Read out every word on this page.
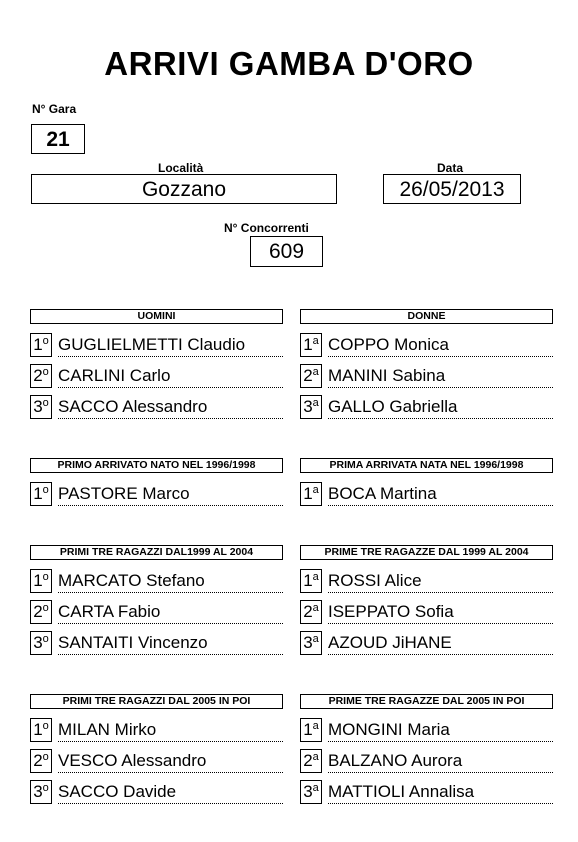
ARRIVI GAMBA D'ORO
N° Gara
21
Località
Gozzano
Data
26/05/2013
N° Concorrenti
609
UOMINI
1$^o$ GUGLIELMETTI Claudio
2$^o$ CARLINI Carlo
3$^o$ SACCO Alessandro
DONNE
1$^a$ COPPO Monica
2$^a$ MANINI Sabina
3$^a$ GALLO Gabriella
PRIMO ARRIVATO NATO NEL 1996/1998
1$^o$ PASTORE Marco
PRIMA ARRIVATA NATA NEL 1996/1998
1$^a$ BOCA Martina
PRIMI TRE RAGAZZI DAL1999 AL 2004
1$^o$ MARCATO Stefano
2$^o$ CARTA Fabio
3$^o$ SANTAITI Vincenzo
PRIME TRE RAGAZZE DAL 1999 AL 2004
1$^a$ ROSSI Alice
2$^a$ ISEPPATO Sofia
3$^a$ AZOUD JiHANE
PRIMI TRE RAGAZZI DAL 2005 IN POI
1$^o$ MILAN Mirko
2$^o$ VESCO Alessandro
3$^o$ SACCO Davide
PRIME TRE RAGAZZE DAL 2005 IN POI
1$^a$ MONGINI Maria
2$^a$ BALZANO Aurora
3$^a$ MATTIOLI Annalisa
